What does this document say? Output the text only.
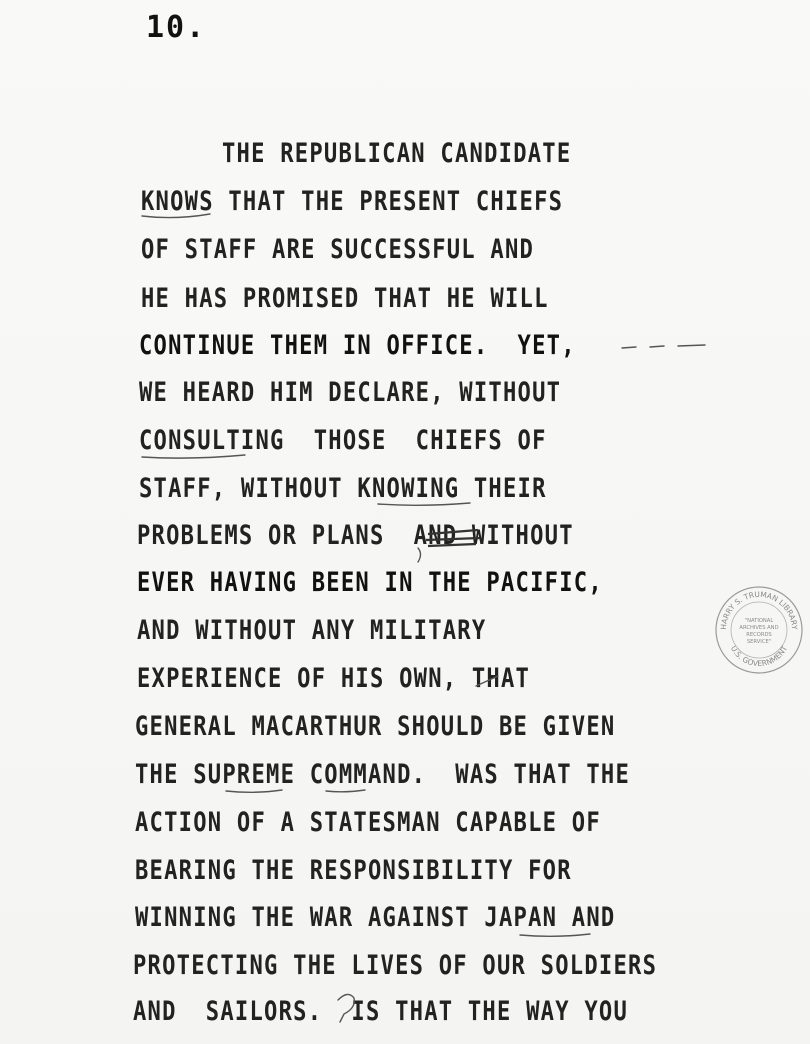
10.
THE REPUBLICAN CANDIDATE
KNOWS THAT THE PRESENT CHIEFS
OF STAFF ARE SUCCESSFUL AND
HE HAS PROMISED THAT HE WILL
CONTINUE THEM IN OFFICE.  YET,
WE HEARD HIM DECLARE, WITHOUT
CONSULTING  THOSE  CHIEFS OF
STAFF, WITHOUT KNOWING THEIR
PROBLEMS OR PLANS  AND WITHOUT
EVER HAVING BEEN IN THE PACIFIC,
AND WITHOUT ANY MILITARY
EXPERIENCE OF HIS OWN, THAT
GENERAL MACARTHUR SHOULD BE GIVEN
THE SUPREME COMMAND.  WAS THAT THE
ACTION OF A STATESMAN CAPABLE OF
BEARING THE RESPONSIBILITY FOR
WINNING THE WAR AGAINST JAPAN AND
PROTECTING THE LIVES OF OUR SOLDIERS
AND  SAILORS.  IS THAT THE WAY YOU
HARRY S. TRUMAN LIBRARY
U.S. GOVERNMENT
"NATIONAL
ARCHIVES AND
RECORDS
SERVICE"
